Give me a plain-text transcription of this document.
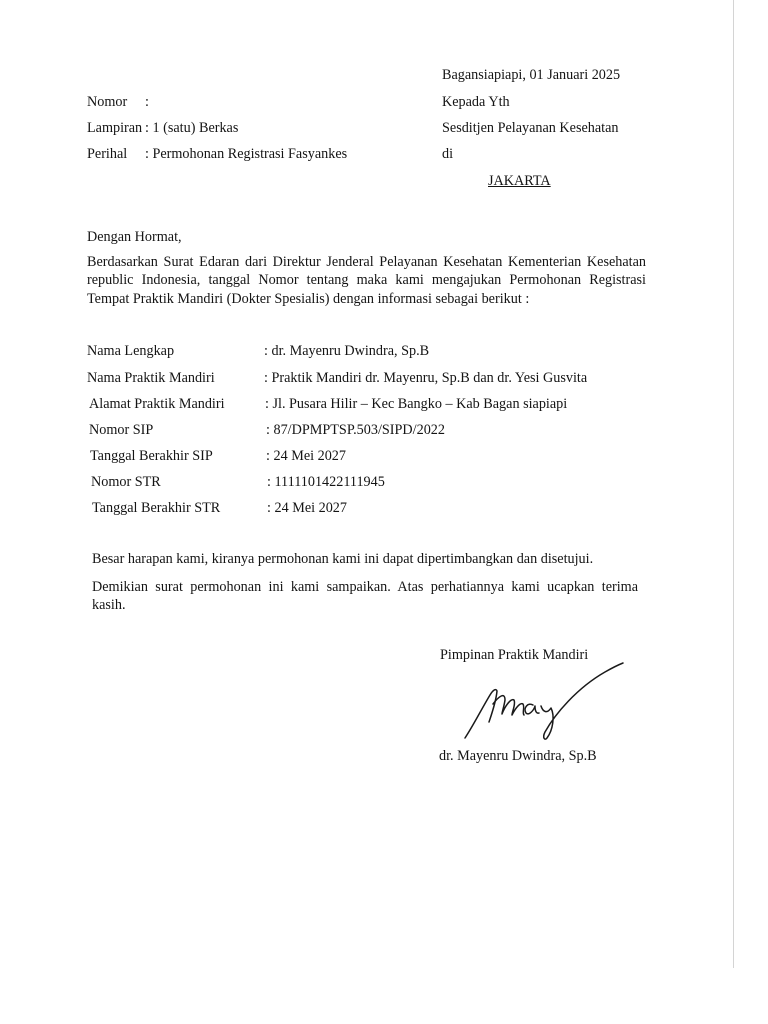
Bagansiapiapi, 01 Januari 2025
Nomor :
Lampiran : 1 (satu) Berkas
Perihal : Permohonan Registrasi Fasyankes
Kepada Yth
Sesditjen Pelayanan Kesehatan
di
JAKARTA
Dengan Hormat,
Berdasarkan Surat Edaran dari Direktur Jenderal Pelayanan Kesehatan Kementerian Kesehatan
republic Indonesia, tanggal Nomor tentang maka kami mengajukan Permohonan Registrasi
Tempat Praktik Mandiri (Dokter Spesialis) dengan informasi sebagai berikut :
Nama Lengkap	: dr. Mayenru Dwindra, Sp.B
Nama Praktik Mandiri	: Praktik Mandiri dr. Mayenru, Sp.B dan dr. Yesi Gusvita
Alamat Praktik Mandiri	: Jl. Pusara Hilir – Kec Bangko – Kab Bagan siapiapi
Nomor SIP	: 87/DPMPTSP.503/SIPD/2022
Tanggal Berakhir SIP	: 24 Mei 2027
Nomor STR	: 1111101422111945
Tanggal Berakhir STR	: 24 Mei 2027
Besar harapan kami, kiranya permohonan kami ini dapat dipertimbangkan dan disetujui.
Demikian surat permohonan ini kami sampaikan. Atas perhatiannya kami ucapkan terima
kasih.
Pimpinan Praktik Mandiri
dr. Mayenru Dwindra, Sp.B
